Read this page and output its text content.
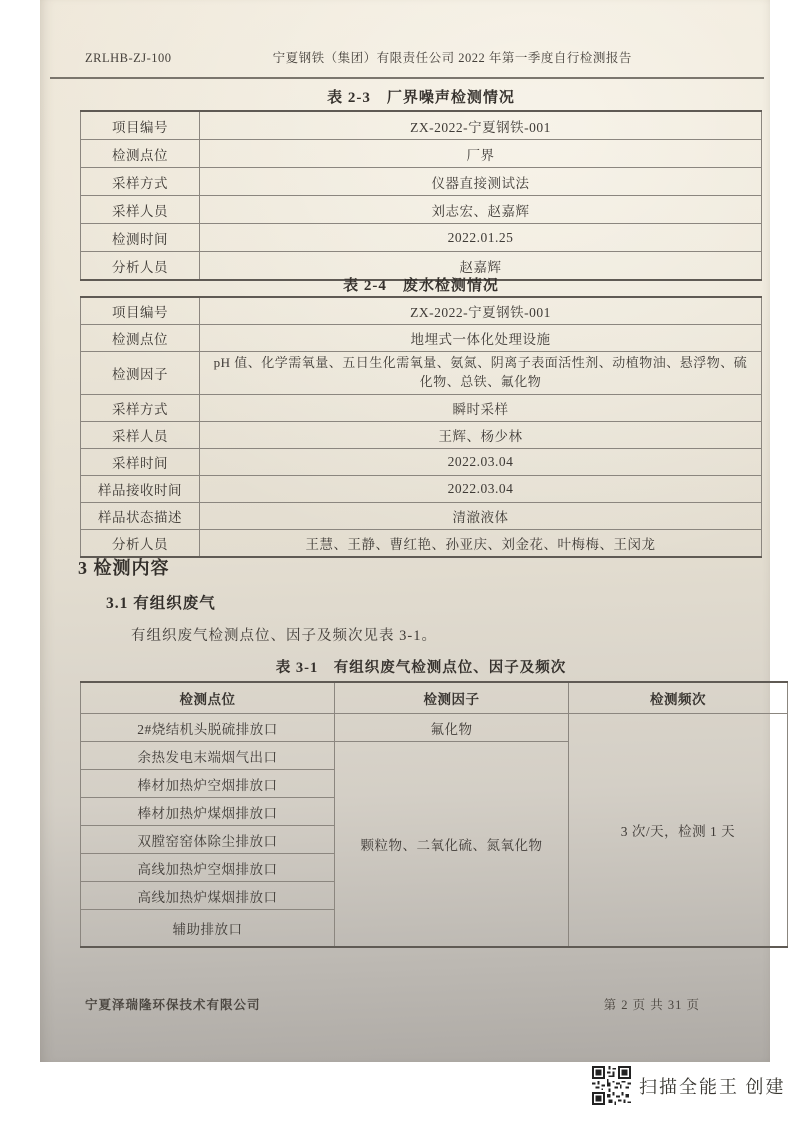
ZRLHB-ZJ-100	宁夏钢铁（集团）有限责任公司 2022 年第一季度自行检测报告
表 2-3　厂界噪声检测情况
项目编号	ZX-2022-宁夏钢铁-001
检测点位	厂界
采样方式	仪器直接测试法
采样人员	刘志宏、赵嘉辉
检测时间	2022.01.25
分析人员	赵嘉辉
表 2-4　废水检测情况
项目编号	ZX-2022-宁夏钢铁-001
检测点位	地埋式一体化处理设施
检测因子	pH 值、化学需氧量、五日生化需氧量、氨氮、阴离子表面活性剂、动植物油、悬浮物、硫化物、总铁、氟化物
采样方式	瞬时采样
采样人员	王辉、杨少林
采样时间	2022.03.04
样品接收时间	2022.03.04
样品状态描述	清澈液体
分析人员	王慧、王静、曹红艳、孙亚庆、刘金花、叶梅梅、王闵龙
3 检测内容
3.1 有组织废气
有组织废气检测点位、因子及频次见表 3-1。
表 3-1　有组织废气检测点位、因子及频次
检测点位	检测因子	检测频次
2#烧结机头脱硫排放口	氟化物	3 次/天，检测 1 天
余热发电末端烟气出口	颗粒物、二氧化硫、氮氧化物	
棒材加热炉空烟排放口		
棒材加热炉煤烟排放口		
双膛窑窑体除尘排放口		
高线加热炉空烟排放口		
高线加热炉煤烟排放口		
辅助排放口		
宁夏泽瑞隆环保技术有限公司	第 2 页 共 31 页
扫描全能王 创建
